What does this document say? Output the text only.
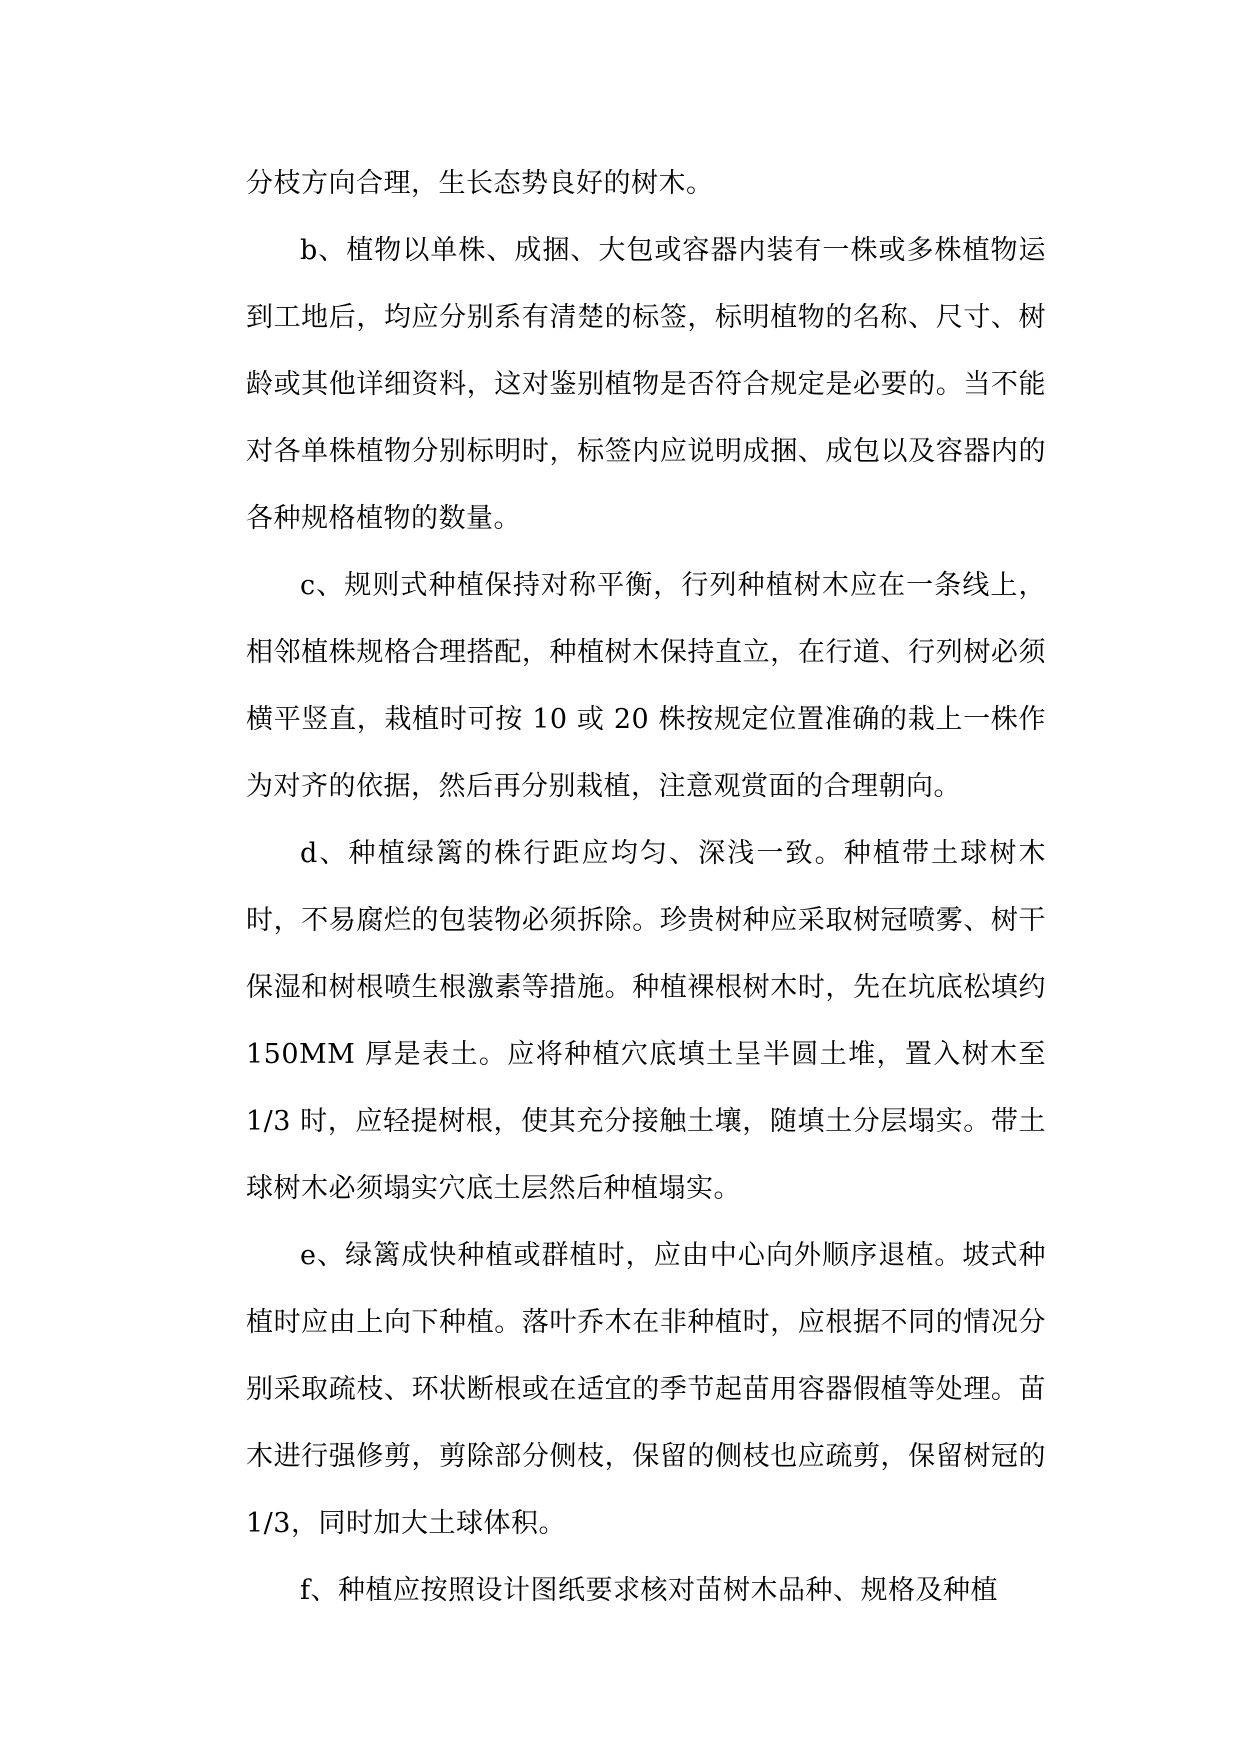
分枝方向合理，生长态势良好的树木。

b、植物以单株、成捆、大包或容器内装有一株或多株植物运到工地后，均应分别系有清楚的标签，标明植物的名称、尺寸、树龄或其他详细资料，这对鉴别植物是否符合规定是必要的。当不能对各单株植物分别标明时，标签内应说明成捆、成包以及容器内的各种规格植物的数量。

c、规则式种植保持对称平衡，行列种植树木应在一条线上，相邻植株规格合理搭配，种植树木保持直立，在行道、行列树必须横平竖直，栽植时可按 10 或 20 株按规定位置准确的栽上一株作为对齐的依据，然后再分别栽植，注意观赏面的合理朝向。

d、种植绿篱的株行距应均匀、深浅一致。种植带土球树木时，不易腐烂的包装物必须拆除。珍贵树种应采取树冠喷雾、树干保湿和树根喷生根激素等措施。种植裸根树木时，先在坑底松填约 150MM 厚是表土。应将种植穴底填土呈半圆土堆，置入树木至 1/3 时，应轻提树根，使其充分接触土壤，随填土分层塌实。带土球树木必须塌实穴底土层然后种植塌实。

e、绿篱成快种植或群植时，应由中心向外顺序退植。坡式种植时应由上向下种植。落叶乔木在非种植时，应根据不同的情况分别采取疏枝、环状断根或在适宜的季节起苗用容器假植等处理。苗木进行强修剪，剪除部分侧枝，保留的侧枝也应疏剪，保留树冠的 1/3，同时加大土球体积。

f、种植应按照设计图纸要求核对苗树木品种、规格及种植
